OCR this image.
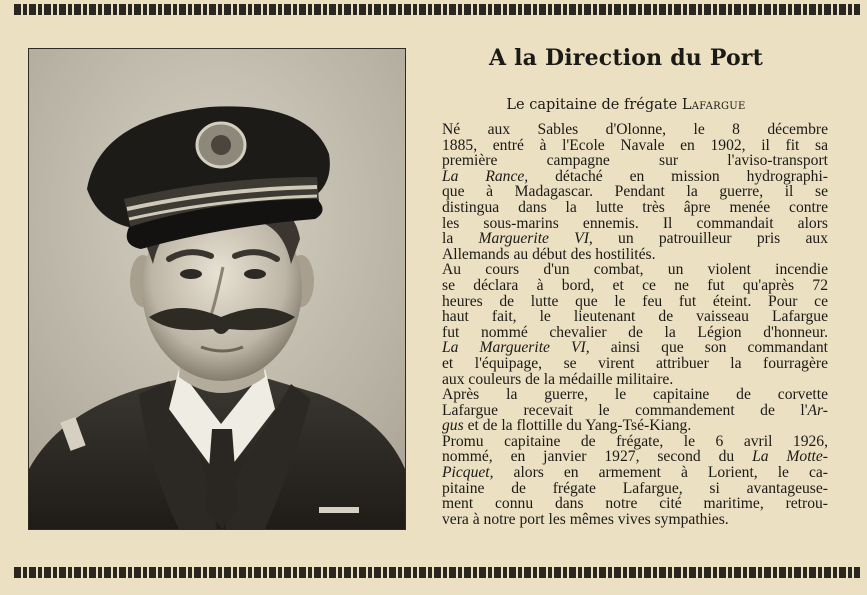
A la Direction du Port
Le capitaine de frégate Lafargue

Né aux Sables d'Olonne, le 8 décembre
1885, entré à l'Ecole Navale en 1902, il fit sa
première campagne sur l'aviso-transport
La Rance, détaché en mission hydrographi-
que à Madagascar. Pendant la guerre, il se
distingua dans la lutte très âpre menée contre
les sous-marins ennemis. Il commandait alors
la Marguerite VI, un patrouilleur pris aux
Allemands au début des hostilités.

Au cours d'un combat, un violent incendie
se déclara à bord, et ce ne fut qu'après 72
heures de lutte que le feu fut éteint. Pour ce
haut fait, le lieutenant de vaisseau Lafargue
fut nommé chevalier de la Légion d'honneur.
La Marguerite VI, ainsi que son commandant
et l'équipage, se virent attribuer la fourragère
aux couleurs de la médaille militaire.

Après la guerre, le capitaine de corvette
Lafargue recevait le commandement de l'Ar-
gus et de la flottille du Yang-Tsé-Kiang.

Promu capitaine de frégate, le 6 avril 1926,
nommé, en janvier 1927, second du La Motte-
Picquet, alors en armement à Lorient, le ca-
pitaine de frégate Lafargue, si avantageuse-
ment connu dans notre cité maritime, retrou-
vera à notre port les mêmes vives sympathies.
